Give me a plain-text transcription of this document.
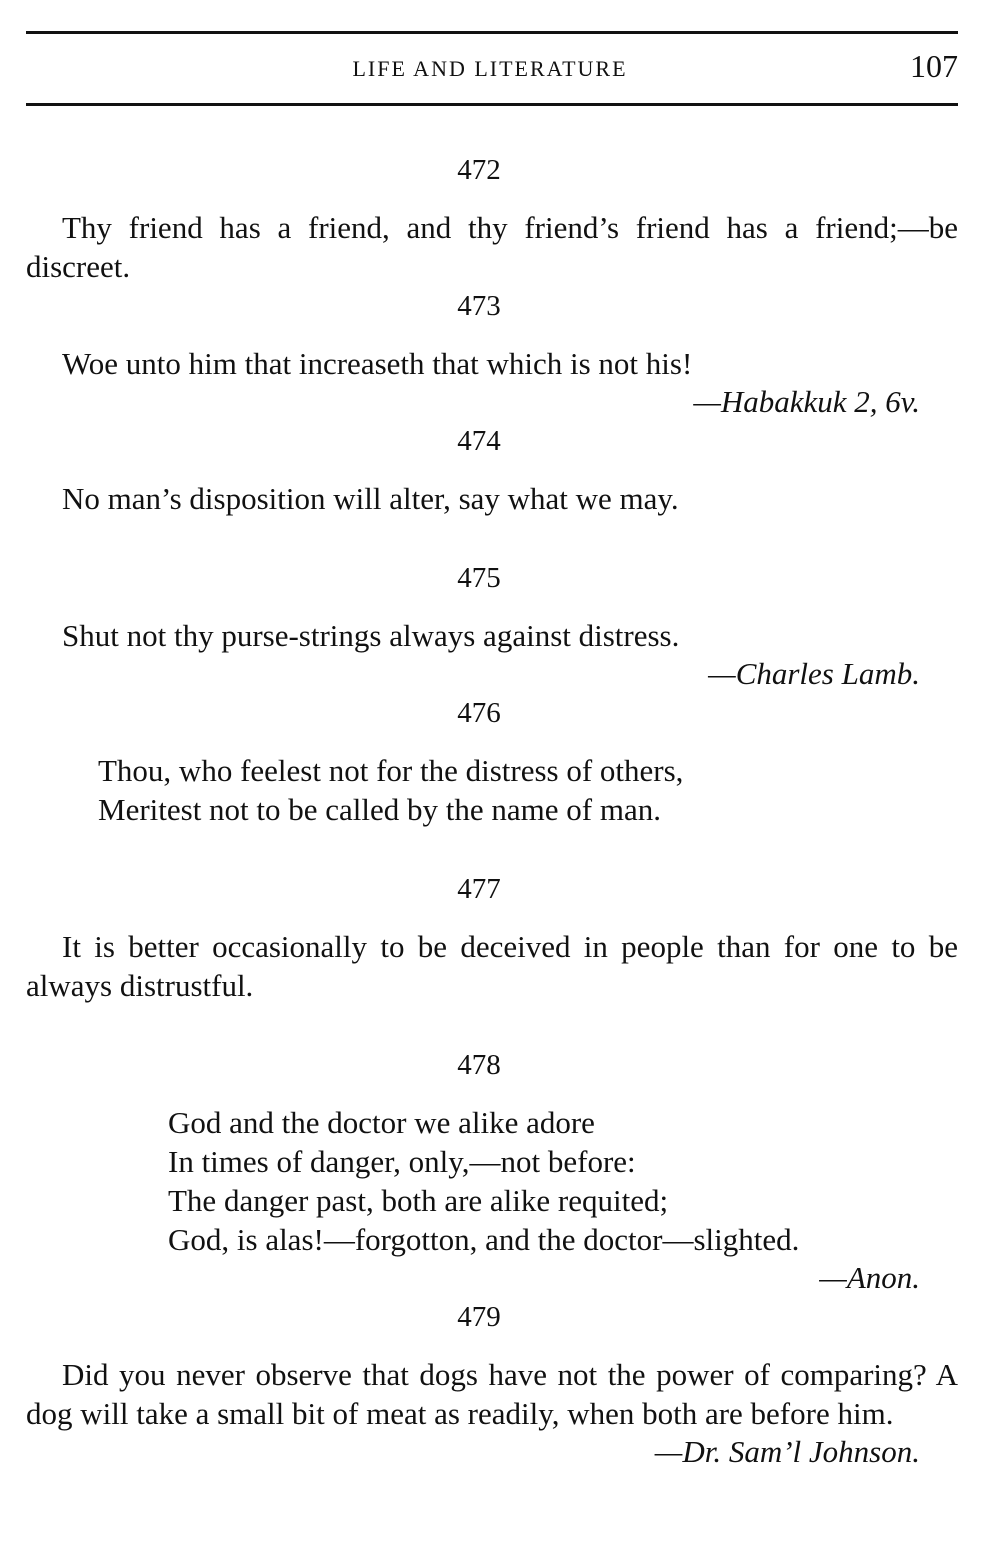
LIFE AND LITERATURE	107
472
Thy friend has a friend, and thy friend’s friend has a friend;—be discreet.
473
Woe unto him that increaseth that which is not his!
—Habakkuk 2, 6v.
474
No man’s disposition will alter, say what we may.
475
Shut not thy purse-strings always against distress.
—Charles Lamb.
476
Thou, who feelest not for the distress of others,
Meritest not to be called by the name of man.
477
It is better occasionally to be deceived in people than for one to be always distrustful.
478
God and the doctor we alike adore
In times of danger, only,—not before:
The danger past, both are alike requited;
God, is alas!—forgotton, and the doctor—slighted.
—Anon.
479
Did you never observe that dogs have not the power of comparing? A dog will take a small bit of meat as readily, when both are before him.
—Dr. Sam’l Johnson.
